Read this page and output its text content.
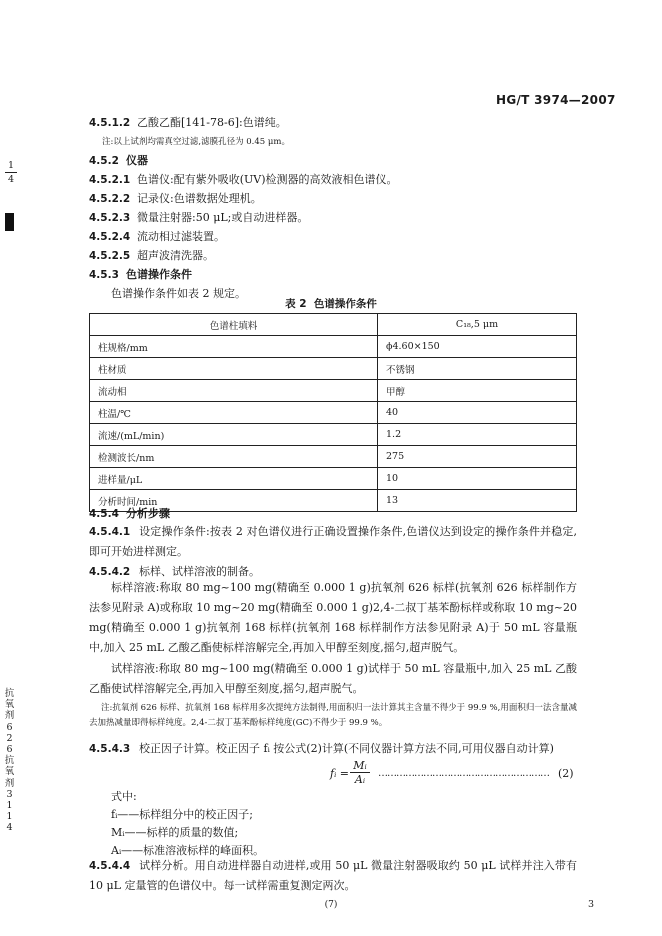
1
4
抗氧剂626抗氧剂3114
HG/T 3974—2007
4.5.1.2 乙酸乙酯[141-78-6]:色谱纯。
注:以上试剂均需真空过滤,滤膜孔径为 0.45 μm。
4.5.2 仪器
4.5.2.1 色谱仪:配有紫外吸收(UV)检测器的高效液相色谱仪。
4.5.2.2 记录仪:色谱数据处理机。
4.5.2.3 微量注射器:50 μL;或自动进样器。
4.5.2.4 流动相过滤装置。
4.5.2.5 超声波清洗器。
4.5.3 色谱操作条件
色谱操作条件如表 2 规定。
表 2  色谱操作条件
色谱柱填料	C₁₈,5 μm
柱规格/mm	ϕ4.60×150
柱材质	不锈钢
流动相	甲醇
柱温/℃	40
流速/(mL/min)	1.2
检测波长/nm	275
进样量/μL	10
分析时间/min	13
4.5.4 分析步骤
4.5.4.1 设定操作条件:按表 2 对色谱仪进行正确设置操作条件,色谱仪达到设定的操作条件并稳定,即可开始进样测定。
4.5.4.2 标样、试样溶液的制备。
标样溶液:称取 80 mg~100 mg(精确至 0.000 1 g)抗氧剂 626 标样(抗氧剂 626 标样制作方法参见附录 A)或称取 10 mg~20 mg(精确至 0.000 1 g)2,4-二叔丁基苯酚标样或称取 10 mg~20 mg(精确至 0.000 1 g)抗氧剂 168 标样(抗氧剂 168 标样制作方法参见附录 A)于 50 mL 容量瓶中,加入 25 mL 乙酸乙酯使标样溶解完全,再加入甲醇至刻度,摇匀,超声脱气。
试样溶液:称取 80 mg~100 mg(精确至 0.000 1 g)试样于 50 mL 容量瓶中,加入 25 mL 乙酸乙酯使试样溶解完全,再加入甲醇至刻度,摇匀,超声脱气。
注:抗氧剂 626 标样、抗氧剂 168 标样用多次提纯方法制得,用面积归一法计算其主含量不得少于 99.9 %,用面积归一法含量减去加热减量即得标样纯度。2,4-二叔丁基苯酚标样纯度(GC)不得少于 99.9 %。
4.5.4.3 校正因子计算。校正因子 fᵢ 按公式(2)计算(不同仪器计算方法不同,可用仪器自动计算)
fᵢ =
Mᵢ
Aᵢ	………………………………………………… (2)
式中:
fᵢ——标样组分中的校正因子;
Mᵢ——标样的质量的数值;
Aᵢ——标准溶液标样的峰面积。
4.5.4.4 试样分析。用自动进样器自动进样,或用 50 μL 微量注射器吸取约 50 μL 试样并注入带有 10 μL 定量管的色谱仪中。每一试样需重复测定两次。
(7)	3
